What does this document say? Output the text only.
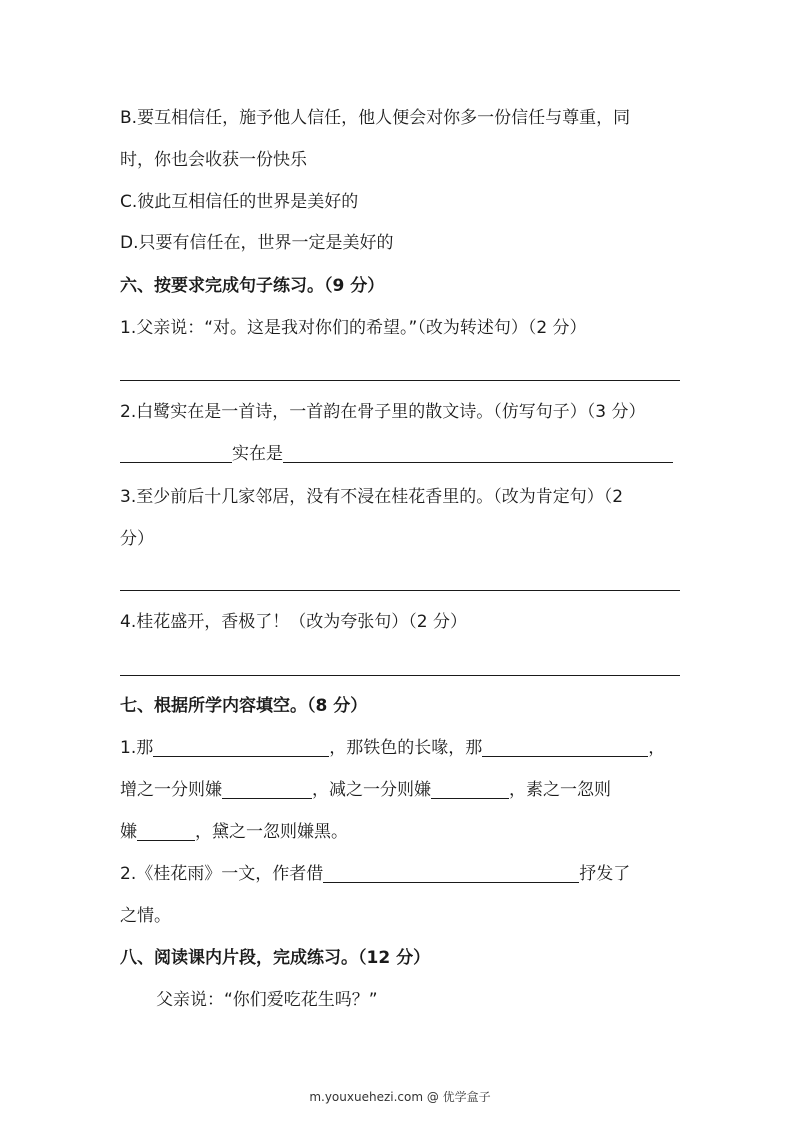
B.要互相信任，施予他人信任，他人便会对你多一份信任与尊重，同
时，你也会收获一份快乐
C.彼此互相信任的世界是美好的
D.只要有信任在，世界一定是美好的
六、按要求完成句子练习。（9 分）
1.父亲说：“对。这是我对你们的希望。”（改为转述句）（2 分）
2.白鹭实在是一首诗，一首韵在骨子里的散文诗。（仿写句子）（3 分）
实在是
3.至少前后十几家邻居，没有不浸在桂花香里的。（改为肯定句）（2
分）
4.桂花盛开，香极了！（改为夸张句）（2 分）
七、根据所学内容填空。（8 分）
1.那	，那铁色的长喙，那	，
增之一分则嫌	，减之一分则嫌	，素之一忽则
嫌	，黛之一忽则嫌黑。
2.《桂花雨》一文，作者借	抒发了
之情。
八、阅读课内片段，完成练习。（12 分）
父亲说：“你们爱吃花生吗？”
m.youxuehezi.com @ 优学盒子
